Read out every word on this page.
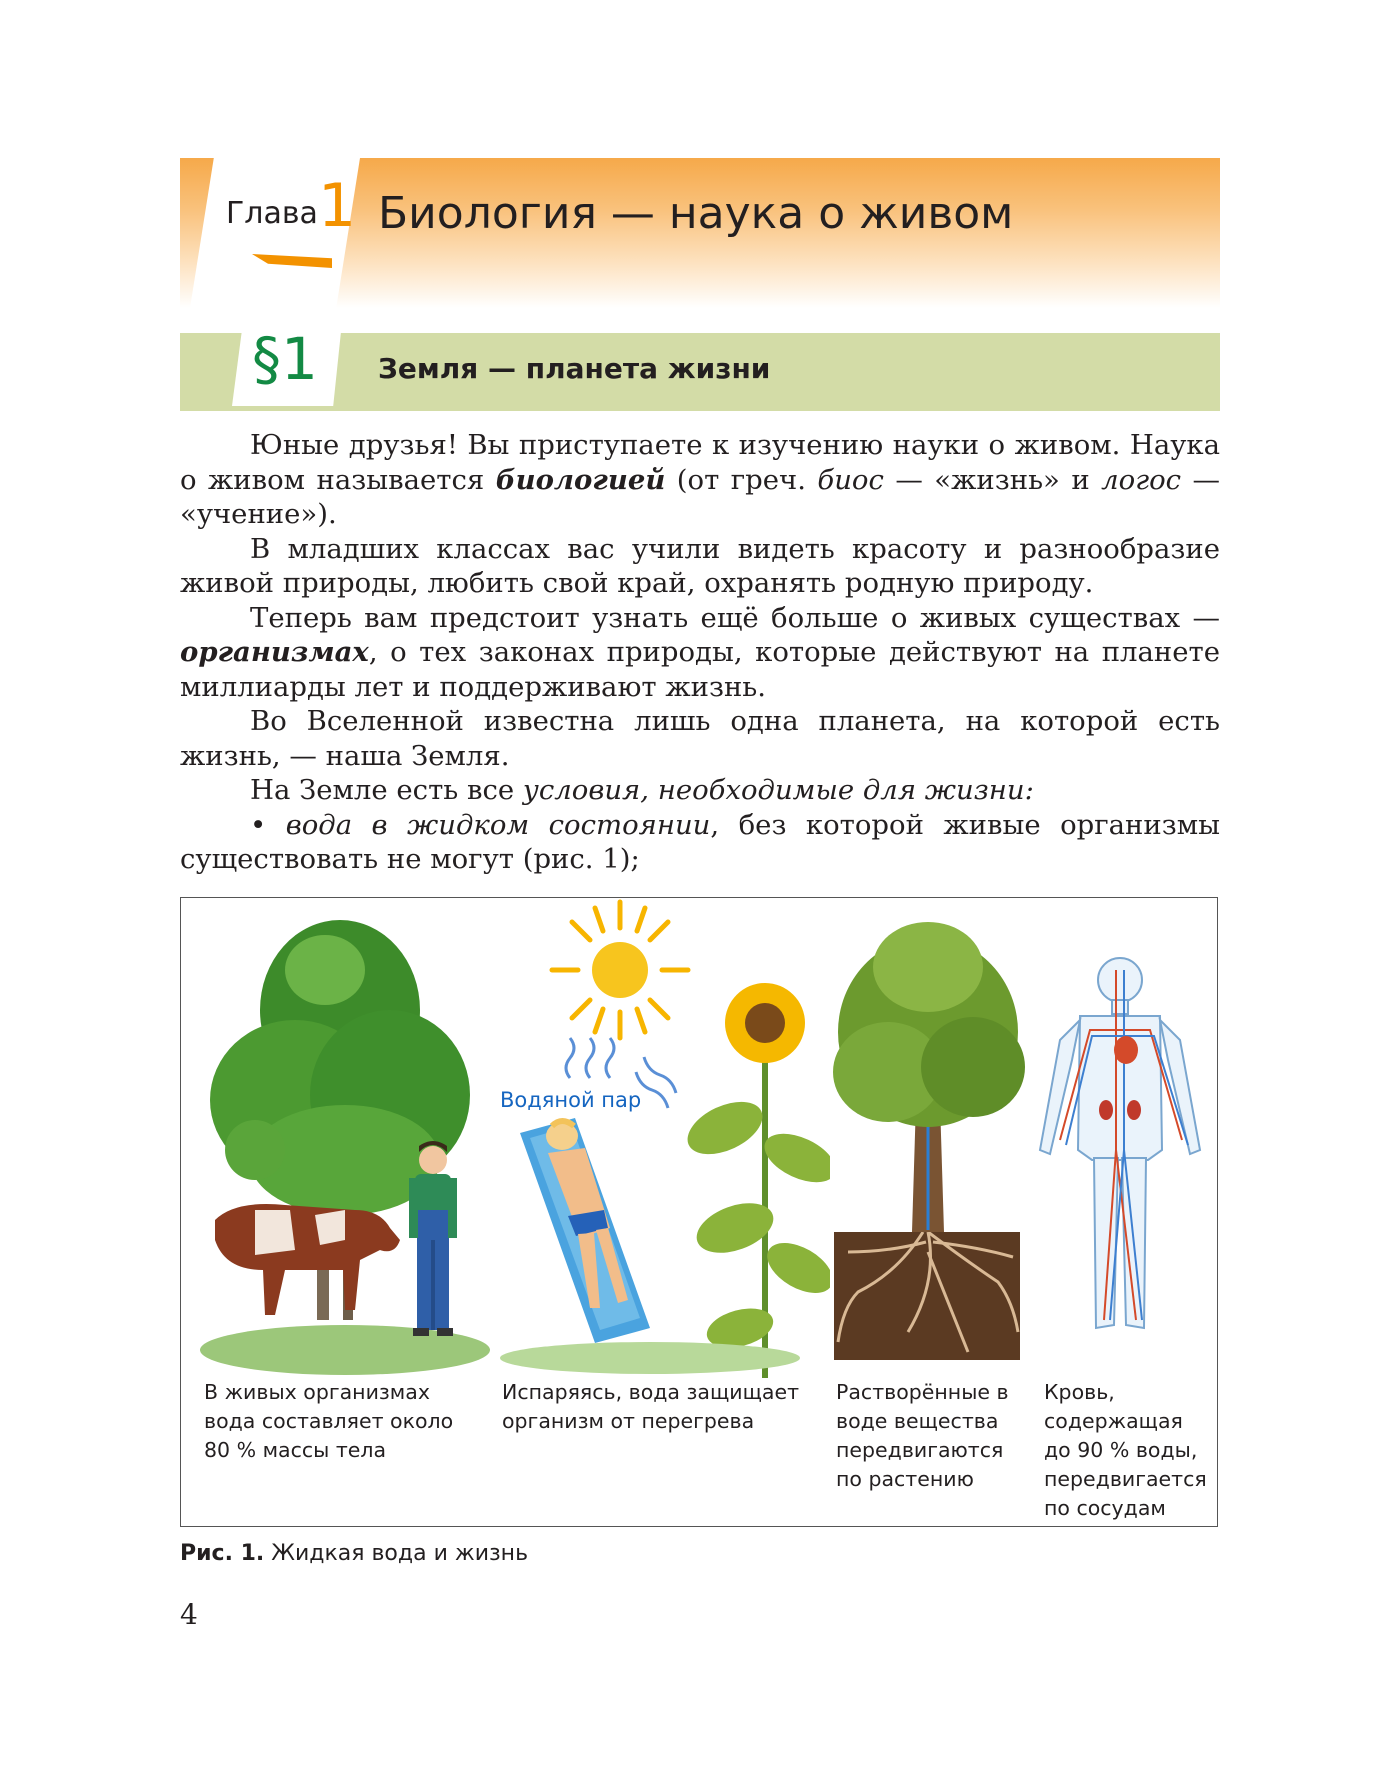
Глава 1 Биология — наука о живом
§1 Земля — планета жизни

Юные друзья! Вы приступаете к изучению науки о живом. Наука о живом называется биологией (от греч. биос — «жизнь» и логос — «учение»).

В младших классах вас учили видеть красоту и разнообразие живой природы, любить свой край, охранять родную природу.

Теперь вам предстоит узнать ещё больше о живых существах — организмах, о тех законах природы, которые действуют на планете миллиарды лет и поддерживают жизнь.

Во Вселенной известна лишь одна планета, на которой есть жизнь, — наша Земля.

На Земле есть все условия, необходимые для жизни:

• вода в жидком состоянии, без которой живые организмы существовать не могут (рис. 1);

Водяной пар
В живых организмах вода составляет около 80 % массы тела
Испаряясь, вода защищает организм от перегрева
Растворённые в воде вещества передвигаются по растению
Кровь, содержащая до 90 % воды, передвигается по сосудам
Рис. 1. Жидкая вода и жизнь
4
